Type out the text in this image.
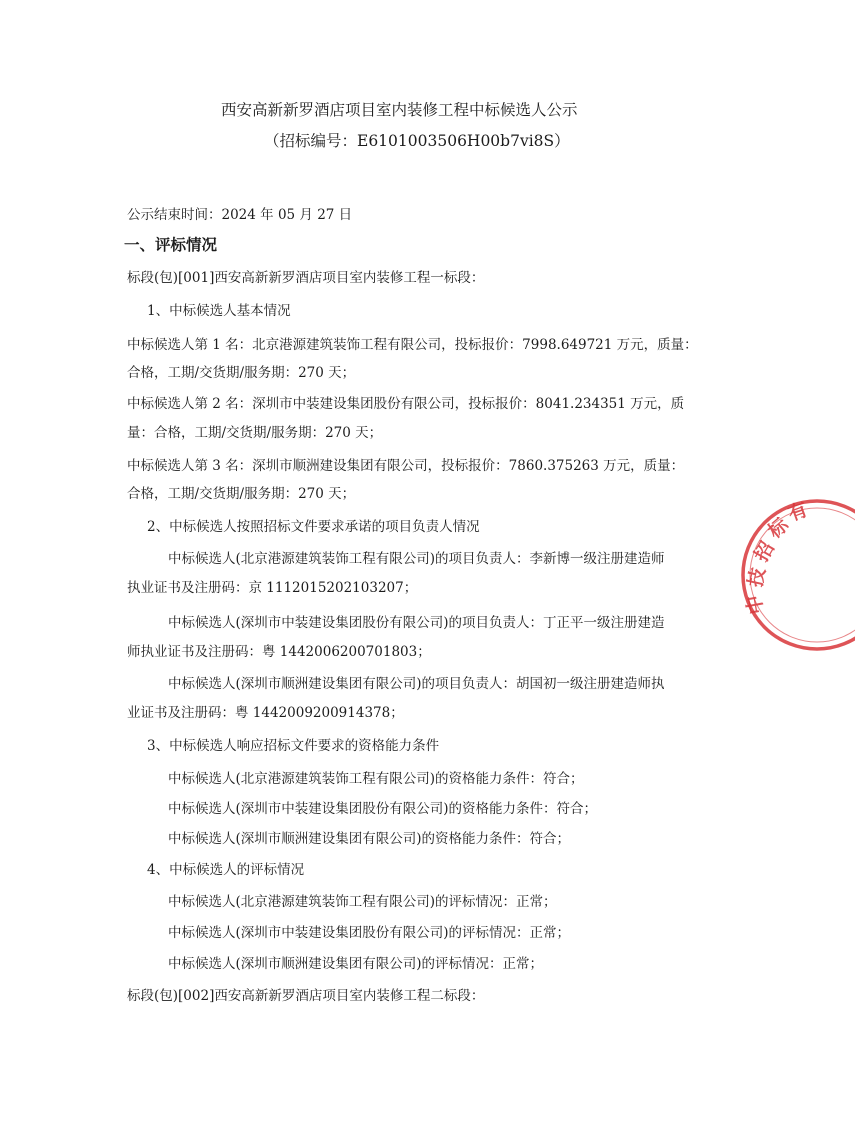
西安高新新罗酒店项目室内装修工程中标候选人公示
（招标编号：E6101003506H00b7vi8S）
公示结束时间：2024 年 05 月 27 日
一、评标情况
标段(包)[001]西安高新新罗酒店项目室内装修工程一标段：
1、中标候选人基本情况
中标候选人第 1 名：北京港源建筑装饰工程有限公司，投标报价：7998.649721 万元，质量：
合格，工期/交货期/服务期：270 天；
中标候选人第 2 名：深圳市中装建设集团股份有限公司，投标报价：8041.234351 万元，质
量：合格，工期/交货期/服务期：270 天；
中标候选人第 3 名：深圳市顺洲建设集团有限公司，投标报价：7860.375263 万元，质量：
合格，工期/交货期/服务期：270 天；
2、中标候选人按照招标文件要求承诺的项目负责人情况
中标候选人(北京港源建筑装饰工程有限公司)的项目负责人：李新博一级注册建造师
执业证书及注册码：京 1112015202103207；
中标候选人(深圳市中装建设集团股份有限公司)的项目负责人：丁正平一级注册建造
师执业证书及注册码：粤 1442006200701803；
中标候选人(深圳市顺洲建设集团有限公司)的项目负责人：胡国初一级注册建造师执
业证书及注册码：粤 1442009200914378；
3、中标候选人响应招标文件要求的资格能力条件
中标候选人(北京港源建筑装饰工程有限公司)的资格能力条件：符合；
中标候选人(深圳市中装建设集团股份有限公司)的资格能力条件：符合；
中标候选人(深圳市顺洲建设集团有限公司)的资格能力条件：符合；
4、中标候选人的评标情况
中标候选人(北京港源建筑装饰工程有限公司)的评标情况：正常；
中标候选人(深圳市中装建设集团股份有限公司)的评标情况：正常；
中标候选人(深圳市顺洲建设集团有限公司)的评标情况：正常；
标段(包)[002]西安高新新罗酒店项目室内装修工程二标段：
中
技
招
标
有
